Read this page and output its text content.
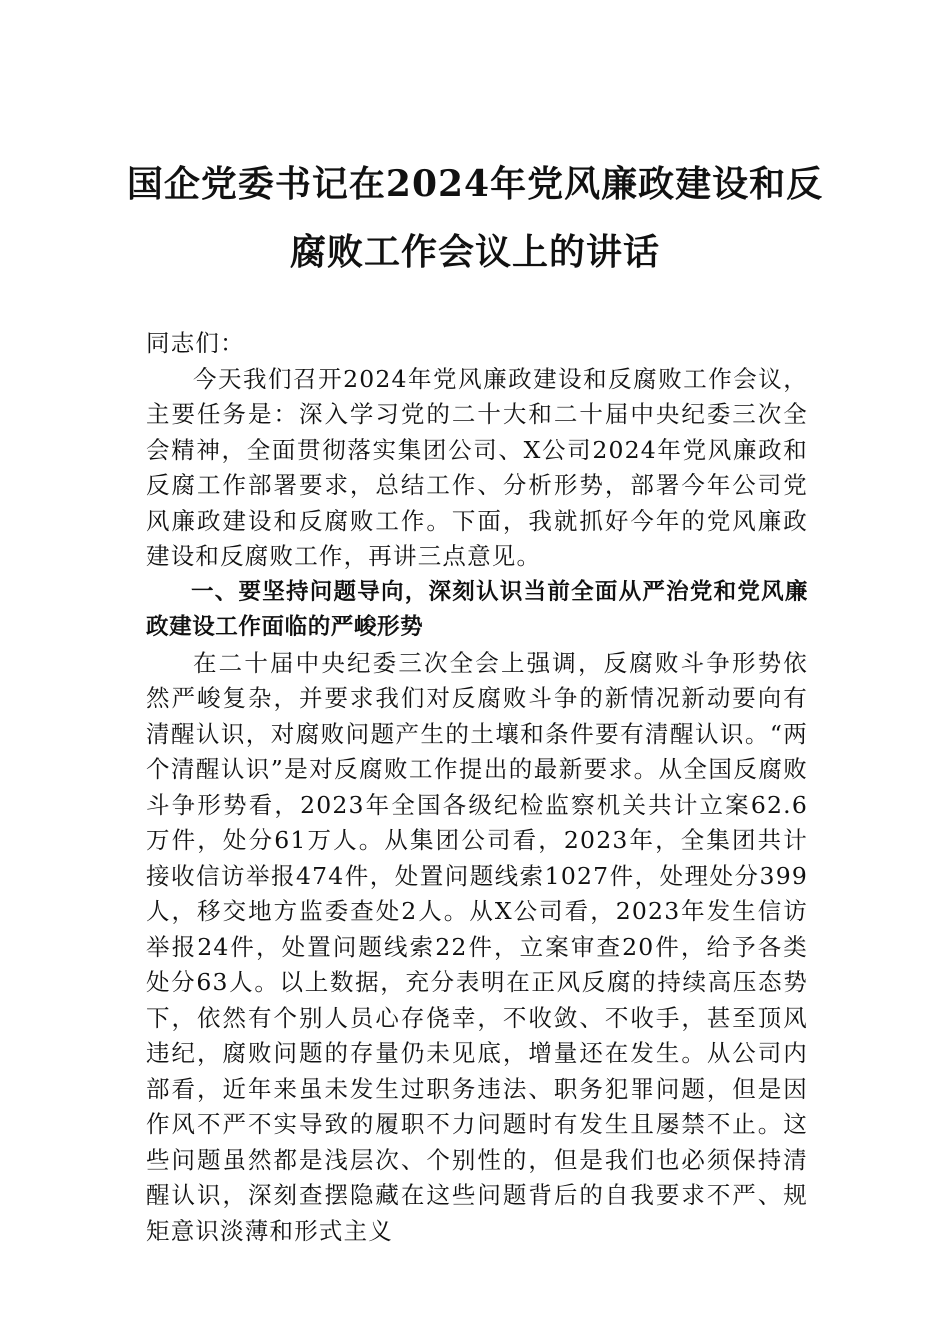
国企党委书记在2024年党风廉政建设和反
腐败工作会议上的讲话

同志们：

今天我们召开2024年党风廉政建设和反腐败工作会议，主要任务是：深入学习党的二十大和二十届中央纪委三次全会精神，全面贯彻落实集团公司、X公司2024年党风廉政和反腐工作部署要求，总结工作、分析形势，部署今年公司党风廉政建设和反腐败工作。下面，我就抓好今年的党风廉政建设和反腐败工作，再讲三点意见。

一、要坚持问题导向，深刻认识当前全面从严治党和党风廉政建设工作面临的严峻形势

在二十届中央纪委三次全会上强调，反腐败斗争形势依然严峻复杂，并要求我们对反腐败斗争的新情况新动要向有清醒认识，对腐败问题产生的土壤和条件要有清醒认识。“两个清醒认识”是对反腐败工作提出的最新要求。从全国反腐败斗争形势看，2023年全国各级纪检监察机关共计立案62.6万件，处分61万人。从集团公司看，2023年，全集团共计接收信访举报474件，处置问题线索1027件，处理处分399人，移交地方监委查处2人。从X公司看，2023年发生信访举报24件，处置问题线索22件，立案审查20件，给予各类处分63人。以上数据，充分表明在正风反腐的持续高压态势下，依然有个别人员心存侥幸，不收敛、不收手，甚至顶风违纪，腐败问题的存量仍未见底，增量还在发生。从公司内部看，近年来虽未发生过职务违法、职务犯罪问题，但是因作风不严不实导致的履职不力问题时有发生且屡禁不止。这些问题虽然都是浅层次、个别性的，但是我们也必须保持清醒认识，深刻查摆隐藏在这些问题背后的自我要求不严、规矩意识淡薄和形式主义
